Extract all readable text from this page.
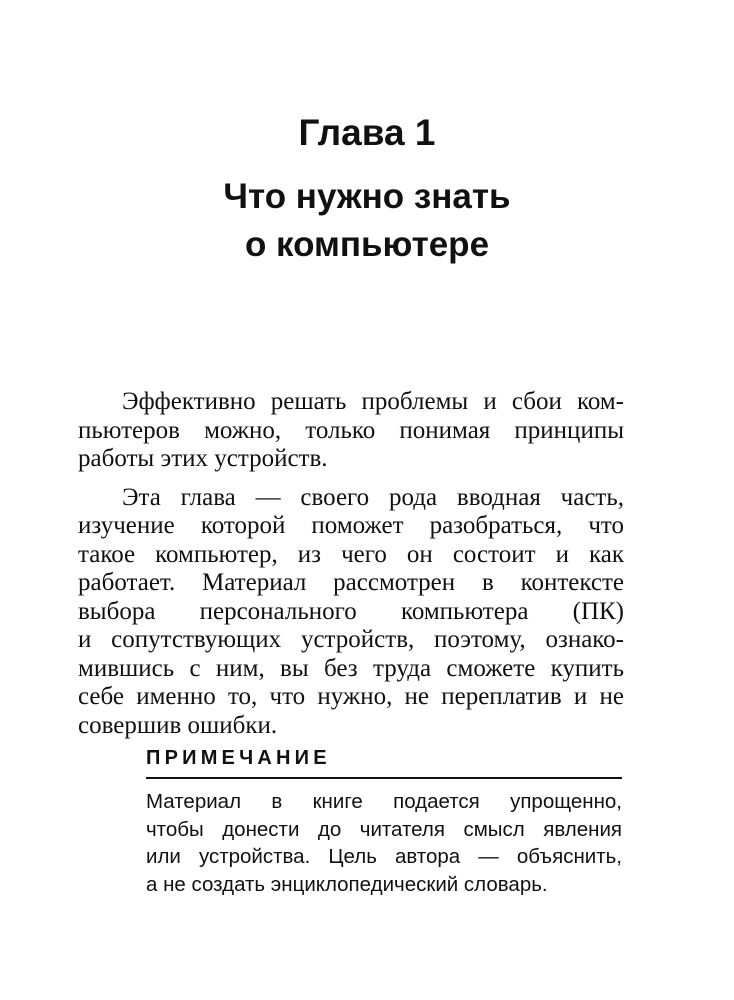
Глава 1
Что нужно знать
о компьютере

Эффективно решать проблемы и сбои ком-
пьютеров можно, только понимая принципы
работы этих устройств.

Эта глава — своего рода вводная часть,
изучение которой поможет разобраться, что
такое компьютер, из чего он состоит и как
работает. Материал рассмотрен в контексте
выбора персонального компьютера (ПК)
и сопутствующих устройств, поэтому, ознако-
мившись с ним, вы без труда сможете купить
себе именно то, что нужно, не переплатив и не
совершив ошибки.

ПРИМЕЧАНИЕ
Материал в книге подается упрощенно,
чтобы донести до читателя смысл явления
или устройства. Цель автора — объяснить,
а не создать энциклопедический словарь.
